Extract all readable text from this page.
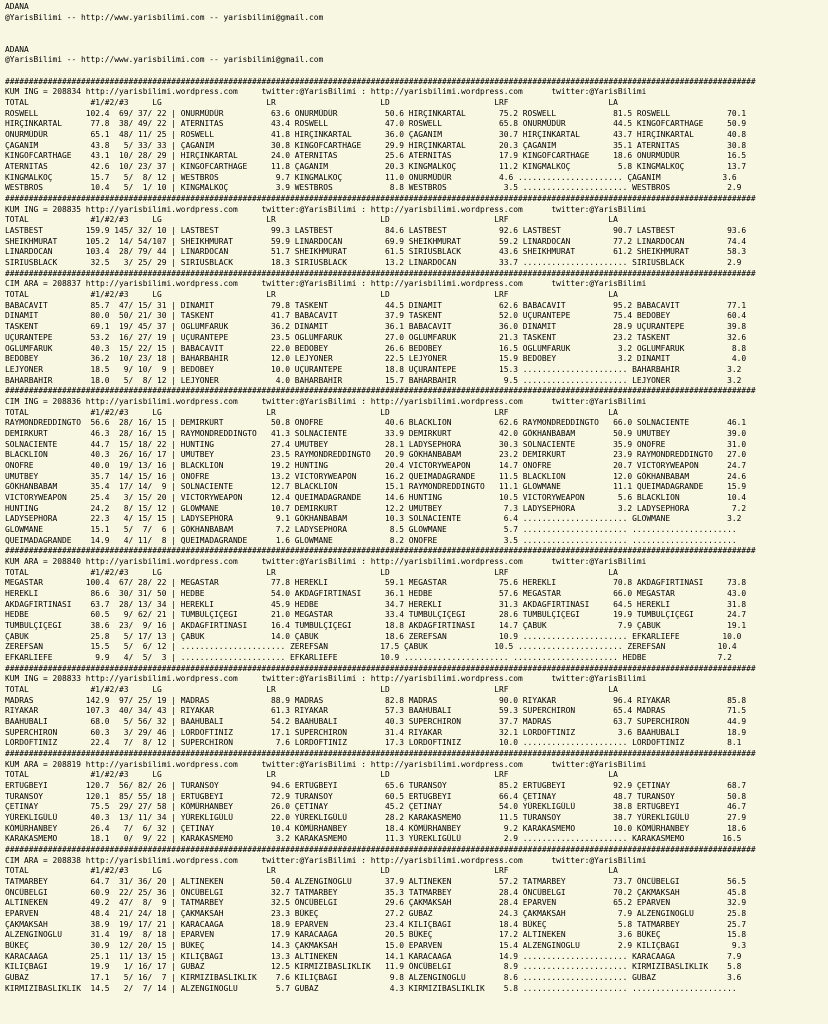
ADANA
@YarisBilimi -- http://www.yarisbilimi.com -- yarisbilimi@gmail.com
ADANA
@YarisBilimi -- http://www.yarisbilimi.com -- yarisbilimi@gmail.com
##############################################################################################################################################################
KUM ING = 208834 http://yarisbilimi.wordpress.com     twitter:@YarisBilimi : http://yarisbilimi.wordpress.com      twitter:@YarisBilimi
TOTAL             #1/#2/#3     LG                      LR                      LD                      LRF                     LA
ROSWELL          102.4  69/ 37/ 22 | ONURMÜDÜR          63.6 ONURMÜDÜR          50.6 HIRÇINKARTAL       75.2 ROSWELL            81.5 ROSWELL            70.1
HIRÇINKARTAL      77.8  38/ 49/ 22 | ATERNITAS          43.4 ROSWELL            47.0 ROSWELL            65.8 ONURMÜDÜR          44.5 KINGOFCARTHAGE     50.9
ONURMÜDÜR         65.1  48/ 11/ 25 | ROSWELL            41.8 HIRÇINKARTAL       36.0 ÇAGANIM            30.7 HIRÇINKARTAL       43.7 HIRÇINKARTAL       40.8
ÇAGANIM           43.8   5/ 33/ 33 | ÇAGANIM            30.8 KINGOFCARTHAGE     29.9 HIRÇINKARTAL       20.3 ÇAGANIM            35.1 ATERNITAS          30.8
KINGOFCARTHAGE    43.1  10/ 28/ 29 | HIRÇINKARTAL       24.0 ATERNITAS          25.6 ATERNITAS          17.9 KINGOFCARTHAGE     18.6 ONURMÜDÜR          16.5
ATERNITAS         42.6  10/ 23/ 37 | KINGOFCARTHAGE     11.8 ÇAGANIM            20.3 KINGMALKOÇ         11.2 KINGMALKOÇ          5.8 KINGMALKOÇ         13.7
KINGMALKOÇ        15.7   5/  8/ 12 | WESTBROS            9.7 KINGMALKOÇ         11.0 ONURMÜDÜR          4.6 ...................... ÇAGANIM             3.6
WESTBROS          10.4   5/  1/ 10 | KINGMALKOÇ          3.9 WESTBROS            8.8 WESTBROS            3.5 ...................... WESTBROS            2.9
##############################################################################################################################################################
KUM ING = 208835 http://yarisbilimi.wordpress.com     twitter:@YarisBilimi : http://yarisbilimi.wordpress.com      twitter:@YarisBilimi
TOTAL             #1/#2/#3     LG                      LR                      LD                      LRF                     LA
LASTBEST         159.9 145/ 32/ 10 | LASTBEST           99.3 LASTBEST           84.6 LASTBEST           92.6 LASTBEST           90.7 LASTBEST           93.6
SHEIKHMURAT      105.2  14/ 54/107 | SHEIKHMURAT        59.9 LINARDOCAN         69.9 SHEIKHMURAT        59.2 LINARDOCAN         77.2 LINARDOCAN         74.4
LINARDOCAN       103.4  28/ 79/ 44 | LINARDOCAN         51.7 SHEIKHMURAT        61.5 SIRIUSBLACK        43.6 SHEIKHMURAT        61.2 SHEIKHMURAT        58.3
SIRIUSBLACK       32.5   3/ 25/ 29 | SIRIUSBLACK        18.3 SIRIUSBLACK        13.2 LINARDOCAN         33.7 ...................... SIRIUSBLACK         2.9
##############################################################################################################################################################
CIM ARA = 208837 http://yarisbilimi.wordpress.com     twitter:@YarisBilimi : http://yarisbilimi.wordpress.com      twitter:@YarisBilimi
TOTAL             #1/#2/#3     LG                      LR                      LD                      LRF                     LA
BABACAVIT         85.7  47/ 15/ 31 | DINAMIT            79.8 TASKENT            44.5 DINAMIT            62.6 BABACAVIT          95.2 BABACAVIT          77.1
DINAMIT           80.0  50/ 21/ 30 | TASKENT            41.7 BABACAVIT          37.9 TASKENT            52.0 UÇURANTEPE         75.4 BEDOBEY            60.4
TASKENT           69.1  19/ 45/ 37 | OGLUMFARUK         36.2 DINAMIT            36.1 BABACAVIT          36.0 DINAMIT            28.9 UÇURANTEPE         39.8
UÇURANTEPE        53.2  16/ 27/ 19 | UÇURANTEPE         23.5 OGLUMFARUK         27.0 OGLUMFARUK         21.3 TASKENT            23.2 TASKENT            32.6
OGLUMFARUK        40.3  15/ 22/ 15 | BABACAVIT          22.0 BEDOBEY            26.6 BEDOBEY            16.5 OGLUMFARUK          3.2 OGLUMFARUK          8.8
BEDOBEY           36.2  10/ 23/ 18 | BAHARBAHIR         12.0 LEJYONER           22.5 LEJYONER           15.9 BEDOBEY             3.2 DINAMIT             4.0
LEJYONER          18.5   9/ 10/  9 | BEDOBEY            10.0 UÇURANTEPE         18.8 UÇURANTEPE         15.3 ...................... BAHARBAHIR          3.2
BAHARBAHIR        18.0   5/  8/ 12 | LEJYONER            4.0 BAHARBAHIR         15.7 BAHARBAHIR          9.5 ...................... LEJYONER            3.2
##############################################################################################################################################################
CIM ING = 208836 http://yarisbilimi.wordpress.com     twitter:@YarisBilimi : http://yarisbilimi.wordpress.com      twitter:@YarisBilimi
TOTAL             #1/#2/#3     LG                      LR                      LD                      LRF                     LA
RAYMONDREDDINGTO  56.6  28/ 16/ 15 | DEMIRKURT          50.8 ONOFRE             40.6 BLACKLION          62.6 RAYMONDREDDINGTO   66.0 SOLNACIENTE        46.1
DEMIRKURT         46.3  28/ 16/ 15 | RAYMONDREDDINGTO   41.3 SOLNACIENTE        33.9 DEMIRKURT          42.0 GÖKHANBABAM        50.9 UMUTBEY            39.0
SOLNACIENTE       44.7  15/ 18/ 22 | HUNTING            27.4 UMUTBEY            28.1 LADYSEPHORA        30.3 SOLNACIENTE        35.9 ONOFRE             31.0
BLACKLION         40.3  26/ 16/ 17 | UMUTBEY            23.5 RAYMONDREDDINGTO   20.9 GÖKHANBABAM        23.2 DEMIRKURT          23.9 RAYMONDREDDINGTO   27.0
ONOFRE            40.0  19/ 13/ 16 | BLACKLION          19.2 HUNTING            20.4 VICTORYWEAPON      14.7 ONOFRE             20.7 VICTORYWEAPON      24.7
UMUTBEY           35.7  14/ 15/ 16 | ONOFRE             13.2 VICTORYWEAPON      16.2 QUEIMADAGRANDE     11.5 BLACKLION          12.0 GÖKHANBABAM        24.6
GÖKHANBABAM       35.4  17/ 14/  9 | SOLNACIENTE        12.7 BLACKLION          15.1 RAYMONDREDDINGTO   11.1 GLOWMANE           11.1 QUEIMADAGRANDE     15.9
VICTORYWEAPON     25.4   3/ 15/ 20 | VICTORYWEAPON      12.4 QUEIMADAGRANDE     14.6 HUNTING            10.5 VICTORYWEAPON       5.6 BLACKLION          10.4
HUNTING           24.2   8/ 15/ 12 | GLOWMANE           10.7 DEMIRKURT          12.2 UMUTBEY             7.3 LADYSEPHORA         3.2 LADYSEPHORA         7.2
LADYSEPHORA       22.3   4/ 15/ 15 | LADYSEPHORA         9.1 GÖKHANBABAM        10.3 SOLNACIENTE         6.4 ...................... GLOWMANE            3.2
GLOWMANE          15.1   5/  7/  6 | GÖKHANBABAM         7.2 LADYSEPHORA         8.5 GLOWMANE            5.7 ...................... ......................
QUEIMADAGRANDE    14.9   4/ 11/  8 | QUEIMADAGRANDE      1.6 GLOWMANE            8.2 ONOFRE              3.5 ...................... ......................
##############################################################################################################################################################
KUM ARA = 208840 http://yarisbilimi.wordpress.com     twitter:@YarisBilimi : http://yarisbilimi.wordpress.com      twitter:@YarisBilimi
TOTAL             #1/#2/#3     LG                      LR                      LD                      LRF                     LA
MEGASTAR         100.4  67/ 28/ 22 | MEGASTAR           77.8 HEREKLI            59.1 MEGASTAR           75.6 HEREKLI            70.8 AKDAGFIRTINASI     73.8
HEREKLI           86.6  30/ 31/ 50 | HEDBE              54.0 AKDAGFIRTINASI     36.1 HEDBE              57.6 MEGASTAR           66.0 MEGASTAR           43.0
AKDAGFIRTINASI    63.7  28/ 13/ 34 | HEREKLI            45.9 HEDBE              34.7 HEREKLI            31.3 AKDAGFIRTINASI     64.5 HEREKLI            31.8
HEDBE             60.5   9/ 62/ 21 | TUMBULÇIÇEGI       21.0 MEGASTAR           33.4 TUMBULÇIÇEGI       28.6 TUMBULÇIÇEGI       19.9 TUMBULÇIÇEGI       24.7
TUMBULÇIÇEGI      38.6  23/  9/ 16 | AKDAGFIRTINASI     16.4 TUMBULÇIÇEGI       18.8 AKDAGFIRTINASI     14.7 ÇABUK               7.9 ÇABUK              19.1
ÇABUK             25.8   5/ 17/ 13 | ÇABUK              14.0 ÇABUK              18.6 ZEREFSAN           10.9 ...................... EFKARLIEFE         10.0
ZEREFSAN          15.5   5/  6/ 12 | ...................... ZEREFSAN           17.5 ÇABUK              10.5 ...................... ZEREFSAN           10.4
EFKARLIEFE         9.9   4/  5/  3 | ...................... EFKARLIEFE         10.9 ...................... ...................... HEDBE               7.2
##############################################################################################################################################################
KUM ING = 208833 http://yarisbilimi.wordpress.com     twitter:@YarisBilimi : http://yarisbilimi.wordpress.com      twitter:@YarisBilimi
TOTAL             #1/#2/#3     LG                      LR                      LD                      LRF                     LA
MADRAS           142.9  97/ 25/ 19 | MADRAS             88.9 MADRAS             82.8 MADRAS             90.0 RIYAKAR            96.4 RIYAKAR            85.8
RIYAKAR          107.3  40/ 34/ 43 | RIYAKAR            61.3 RIYAKAR            57.3 BAAHUBALI          59.3 SUPERCHIRON        65.4 MADRAS             71.5
BAAHUBALI         68.0   5/ 56/ 32 | BAAHUBALI          54.2 BAAHUBALI          40.3 SUPERCHIRON        37.7 MADRAS             63.7 SUPERCHIRON        44.9
SUPERCHIRON       60.3   3/ 29/ 46 | LORDOFTINIZ        17.1 SUPERCHIRON        31.4 RIYAKAR            32.1 LORDOFTINIZ         3.6 BAAHUBALI          18.9
LORDOFTINIZ       22.4   7/  8/ 12 | SUPERCHIRON         7.6 LORDOFTINIZ        17.3 LORDOFTINIZ        10.0 ...................... LORDOFTINIZ         8.1
##############################################################################################################################################################
KUM ARA = 208819 http://yarisbilimi.wordpress.com     twitter:@YarisBilimi : http://yarisbilimi.wordpress.com      twitter:@YarisBilimi
TOTAL             #1/#2/#3     LG                      LR                      LD                      LRF                     LA
ERTUGBEYI        120.7  56/ 82/ 26 | TURANSOY           94.6 ERTUGBEYI          65.6 TURANSOY           85.2 ERTUGBEYI          92.9 ÇETINAY            68.7
TURANSOY         120.1  85/ 55/ 18 | ERTUGBEYI          72.9 TURANSOY           60.5 ERTUGBEYI          66.4 ÇETINAY            48.7 TURANSOY           50.8
ÇETINAY           75.5  29/ 27/ 58 | KÖMÜRHANBEY        26.0 ÇETINAY            45.2 ÇETINAY            54.0 YÜREKLIGÜLÜ        38.8 ERTUGBEYI          46.7
YÜREKLIGÜLÜ       40.3  13/ 11/ 34 | YÜREKLIGÜLÜ        22.0 YÜREKLIGÜLÜ        28.2 KARAKASMEMO        11.5 TURANSOY           38.7 YÜREKLIGÜLÜ        27.9
KÖMÜRHANBEY       26.4   7/  6/ 32 | ÇETINAY            10.4 KÖMÜRHANBEY        18.4 KÖMÜRHANBEY         9.2 KARAKASMEMO        10.0 KÖMÜRHANBEY        18.6
KARAKASMEMO       18.1   0/  9/ 22 | KARAKASMEMO         3.2 KARAKASMEMO        11.3 YÜREKLIGÜLÜ         2.9 ...................... KARAKASMEMO        16.5
##############################################################################################################################################################
CIM ARA = 208838 http://yarisbilimi.wordpress.com     twitter:@YarisBilimi : http://yarisbilimi.wordpress.com      twitter:@YarisBilimi
TOTAL             #1/#2/#3     LG                      LR                      LD                      LRF                     LA
TATMARBEY         64.7  31/ 36/ 20 | ALTINEKEN          50.4 ALZENGINOGLU       37.9 ALTINEKEN          57.2 TATMARBEY          73.7 ÖNCÜBELGI          56.5
ÖNCÜBELGI         60.9  22/ 25/ 36 | ÖNCÜBELGI          32.7 TATMARBEY          35.3 TATMARBEY          28.4 ÖNCÜBELGI          70.2 ÇAKMAKSAH          45.8
ALTINEKEN         49.2  47/  8/  9 | TATMARBEY          32.5 ÖNCÜBELGI          29.6 ÇAKMAKSAH          28.4 EPARVEN            65.2 EPARVEN            32.9
EPARVEN           48.4  21/ 24/ 18 | ÇAKMAKSAH          23.3 BÜKEÇ              27.2 GUBAZ              24.3 ÇAKMAKSAH           7.9 ALZENGINOGLU       25.8
ÇAKMAKSAH         38.9  19/ 17/ 21 | KARACAAGA          18.9 EPARVEN            23.4 KILIÇBAGI          18.4 BÜKEÇ               5.8 TATMARBEY          25.7
ALZENGINOGLU      31.4  19/  8/ 18 | EPARVEN            17.9 KARACAAGA          20.5 BÜKEÇ              17.2 ALTINEKEN           3.6 BÜKEÇ              15.8
BÜKEÇ             30.9  12/ 20/ 15 | BÜKEÇ              14.3 ÇAKMAKSAH          15.0 EPARVEN            15.4 ALZENGINOGLU        2.9 KILIÇBAGI           9.3
KARACAAGA         25.1  11/ 13/ 15 | KILIÇBAGI          13.3 ALTINEKEN          14.1 KARACAAGA          14.9 ...................... KARACAAGA           7.9
KILIÇBAGI         19.9   1/ 16/ 17 | GUBAZ              12.5 KIRMIZIBASLIKLIK   11.9 ÖNCÜBELGI           8.9 ...................... KIRMIZIBASLIKLIK    5.8
GUBAZ             17.1   5/ 16/  7 | KIRMIZIBASLIKLIK    7.6 KILIÇBAGI           9.8 ALZENGINOGLU        8.6 ...................... GUBAZ               3.6
KIRMIZIBASLIKLIK  14.5   2/  7/ 14 | ALZENGINOGLU        5.7 GUBAZ               4.3 KIRMIZIBASLIKLIK    5.8 ...................... ......................
